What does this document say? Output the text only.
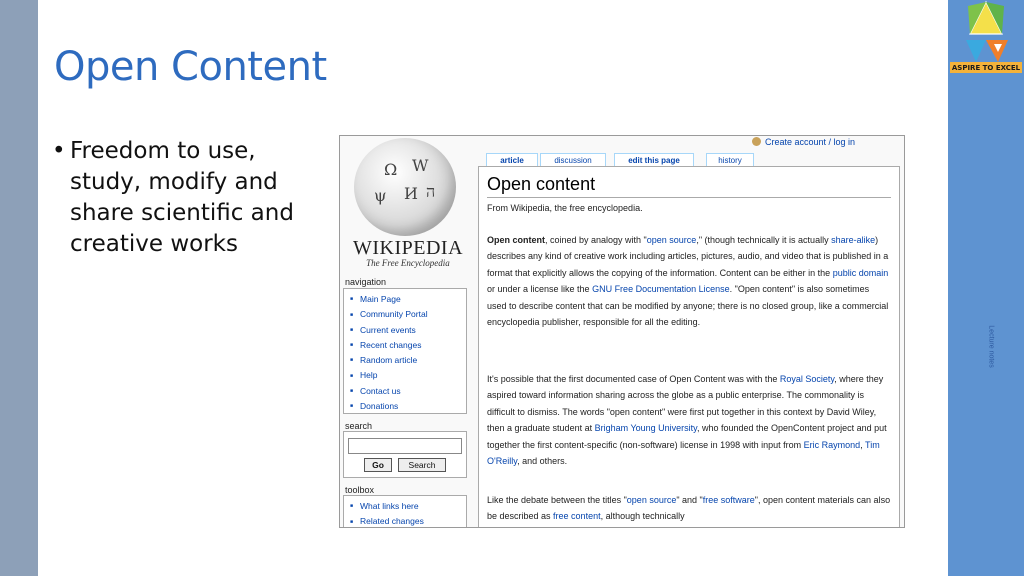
ASPIRE TO EXCEL
Lecture notes
Open Content
• Freedom to use, study, modify and share scientific and creative works
Ω W
ψ И ה
WIKIPEDIA
The Free Encyclopedia
Create account / log in
navigation
■ Main Page
■ Community Portal
■ Current events
■ Recent changes
■ Random article
■ Help
■ Contact us
■ Donations
search
Go	Search
toolbox
■ What links here
■ Related changes
article	discussion	edit this page	history
Open content
From Wikipedia, the free encyclopedia.
Open content, coined by analogy with "open source," (though technically it is actually share-alike) describes any kind of creative work including articles, pictures, audio, and video that is published in a format that explicitly allows the copying of the information. Content can be either in the public domain or under a license like the GNU Free Documentation License. "Open content" is also sometimes used to describe content that can be modified by anyone; there is no closed group, like a commercial encyclopedia publisher, responsible for all the editing.
It's possible that the first documented case of Open Content was with the Royal Society, where they aspired toward information sharing across the globe as a public enterprise. The commonality is difficult to dismiss. The words "open content" were first put together in this context by David Wiley, then a graduate student at Brigham Young University, who founded the OpenContent project and put together the first content-specific (non-software) license in 1998 with input from Eric Raymond, Tim O'Reilly, and others.
Like the debate between the titles "open source" and "free software", open content materials can also be described as free content, although technically
